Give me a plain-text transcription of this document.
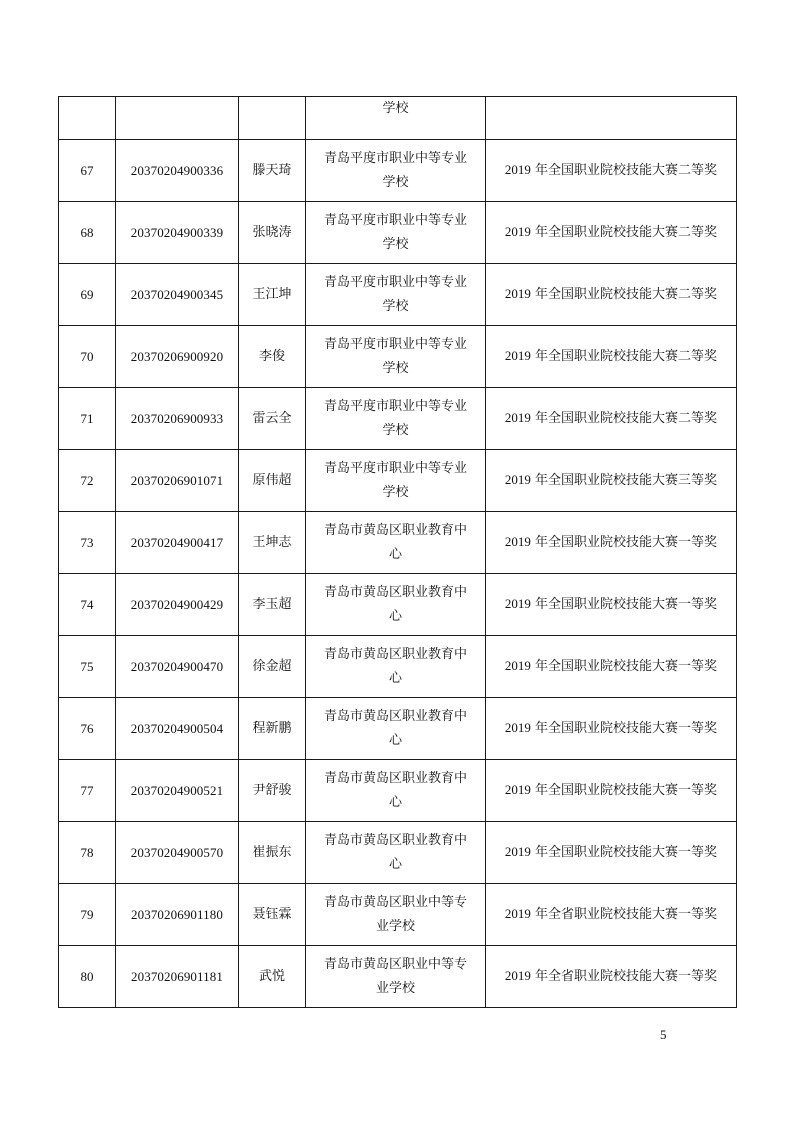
			学校	

67	20370204900336	滕天琦	青岛平度市职业中等专业
学校	2019 年全国职业院校技能大赛二等奖
68	20370204900339	张晓涛	青岛平度市职业中等专业
学校	2019 年全国职业院校技能大赛二等奖
69	20370204900345	王江坤	青岛平度市职业中等专业
学校	2019 年全国职业院校技能大赛二等奖
70	20370206900920	李俊	青岛平度市职业中等专业
学校	2019 年全国职业院校技能大赛二等奖
71	20370206900933	雷云全	青岛平度市职业中等专业
学校	2019 年全国职业院校技能大赛二等奖
72	20370206901071	原伟超	青岛平度市职业中等专业
学校	2019 年全国职业院校技能大赛三等奖
73	20370204900417	王坤志	青岛市黄岛区职业教育中
心	2019 年全国职业院校技能大赛一等奖
74	20370204900429	李玉超	青岛市黄岛区职业教育中
心	2019 年全国职业院校技能大赛一等奖
75	20370204900470	徐金超	青岛市黄岛区职业教育中
心	2019 年全国职业院校技能大赛一等奖
76	20370204900504	程新鹏	青岛市黄岛区职业教育中
心	2019 年全国职业院校技能大赛一等奖
77	20370204900521	尹舒骏	青岛市黄岛区职业教育中
心	2019 年全国职业院校技能大赛一等奖
78	20370204900570	崔振东	青岛市黄岛区职业教育中
心	2019 年全国职业院校技能大赛一等奖
79	20370206901180	聂钰霖	青岛市黄岛区职业中等专
业学校	2019 年全省职业院校技能大赛一等奖
80	20370206901181	武悦	青岛市黄岛区职业中等专
业学校	2019 年全省职业院校技能大赛一等奖
5
